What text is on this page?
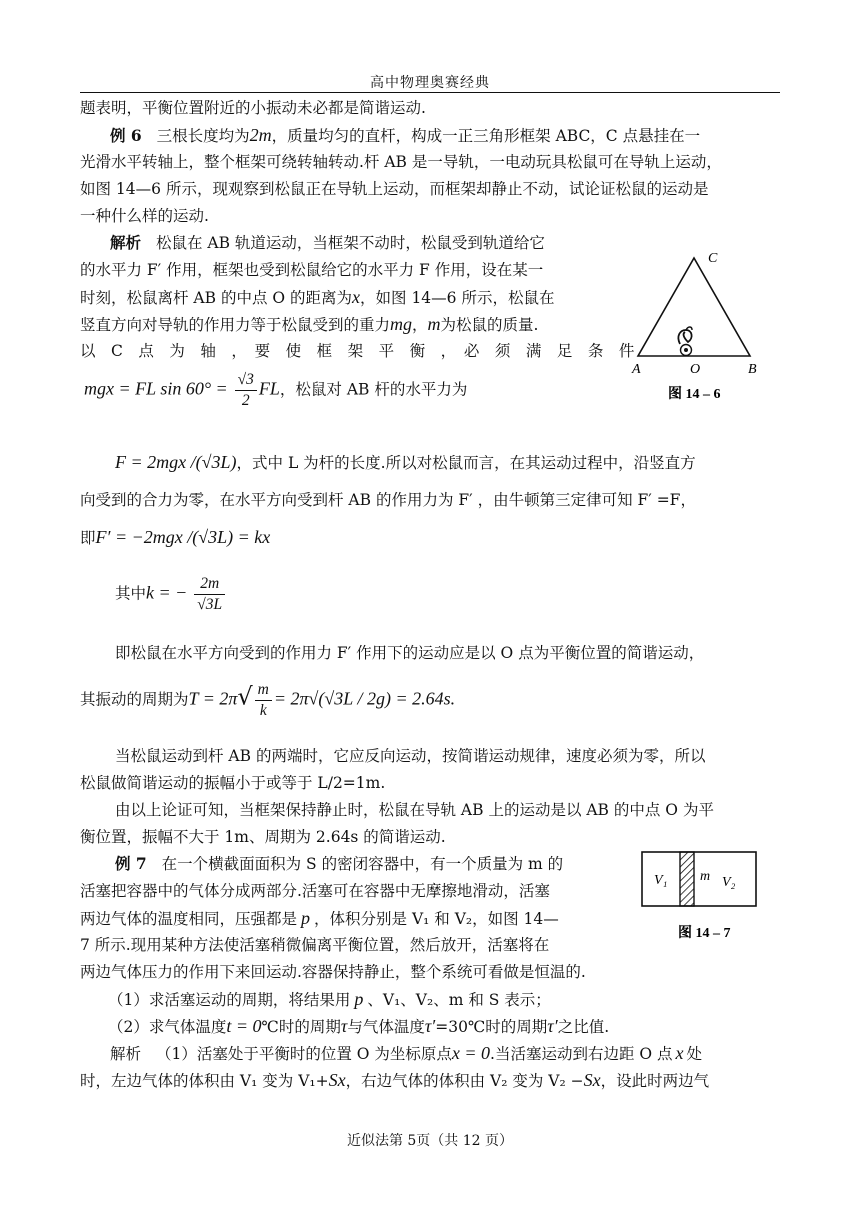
高中物理奥赛经典
题表明，平衡位置附近的小振动未必都是简谐运动.
例 6 三根长度均为2m，质量均匀的直杆，构成一正三角形框架 ABC，C 点悬挂在一
光滑水平转轴上，整个框架可绕转轴转动.杆 AB 是一导轨，一电动玩具松鼠可在导轨上运动，
如图 14—6 所示，现观察到松鼠正在导轨上运动，而框架却静止不动，试论证松鼠的运动是
一种什么样的运动.
解析 松鼠在 AB 轨道运动，当框架不动时，松鼠受到轨道给它
的水平力 F′ 作用，框架也受到松鼠给它的水平力 F 作用，设在某一
时刻，松鼠离杆 AB 的中点 O 的距离为x，如图 14—6 所示，松鼠在
竖直方向对导轨的作用力等于松鼠受到的重力mg，m为松鼠的质量.
以　C　点　为　轴　，　要　使　框　架　平　衡　，　必　须　满　足　条　件
mgx = FL $\sin 60^\circ = \frac{√3}{2}$ FL，松鼠对 AB 杆的水平力为
C
A	O	B
图 14 – 6
F = 2mgx /(√3L)，式中 L 为杆的长度.所以对松鼠而言，在其运动过程中，沿竖直方
向受到的合力为零，在水平方向受到杆 AB 的作用力为 F′ ，由牛顿第三定律可知 F′ =F，
即F′ = −2mgx /(√3L) = kx
其中k = − $\frac{2m}{√3L}$
即松鼠在水平方向受到的作用力 F′ 作用下的运动应是以 O 点为平衡位置的简谐运动，
其振动的周期为$T = 2\pi√ \frac{m}{k} = 2\pi√(√3L / 2g) = 2.64s$.
当松鼠运动到杆 AB 的两端时，它应反向运动，按简谐运动规律，速度必须为零，所以
松鼠做简谐运动的振幅小于或等于 L/2=1m.
由以上论证可知，当框架保持静止时，松鼠在导轨 AB 上的运动是以 AB 的中点 O 为平
衡位置，振幅不大于 1m、周期为 2.64s 的简谐运动.
例 7 在一个横截面面积为 S 的密闭容器中，有一个质量为 m 的
活塞把容器中的气体分成两部分.活塞可在容器中无摩擦地滑动，活塞
两边气体的温度相同，压强都是 p ，体积分别是 V₁ 和 V₂，如图 14—
7 所示.现用某种方法使活塞稍微偏离平衡位置，然后放开，活塞将在
两边气体压力的作用下来回运动.容器保持静止，整个系统可看做是恒温的.
V₁ m V₂
图 14 – 7
（1）求活塞运动的周期，将结果用 p 、V₁、V₂、m 和 S 表示；
（2）求气体温度t = 0℃时的周期τ与气体温度τ′=30℃时的周期τ′之比值.
解析 （1）活塞处于平衡时的位置 O 为坐标原点x = 0.当活塞运动到右边距 O 点 x 处
时，左边气体的体积由 V₁ 变为 V₁+Sx，右边气体的体积由 V₂ 变为 V₂ −Sx，设此时两边气
近似法第 5页（共 12 页）
